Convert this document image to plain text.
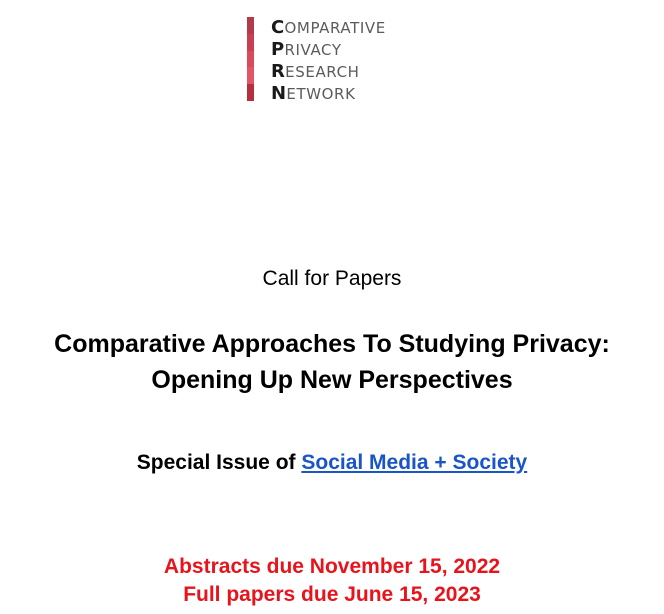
COMPARATIVE
PRIVACY
RESEARCH
NETWORK
Call for Papers
Comparative Approaches To Studying Privacy:
Opening Up New Perspectives
Special Issue of Social Media + Society
Abstracts due November 15, 2022
Full papers due June 15, 2023
